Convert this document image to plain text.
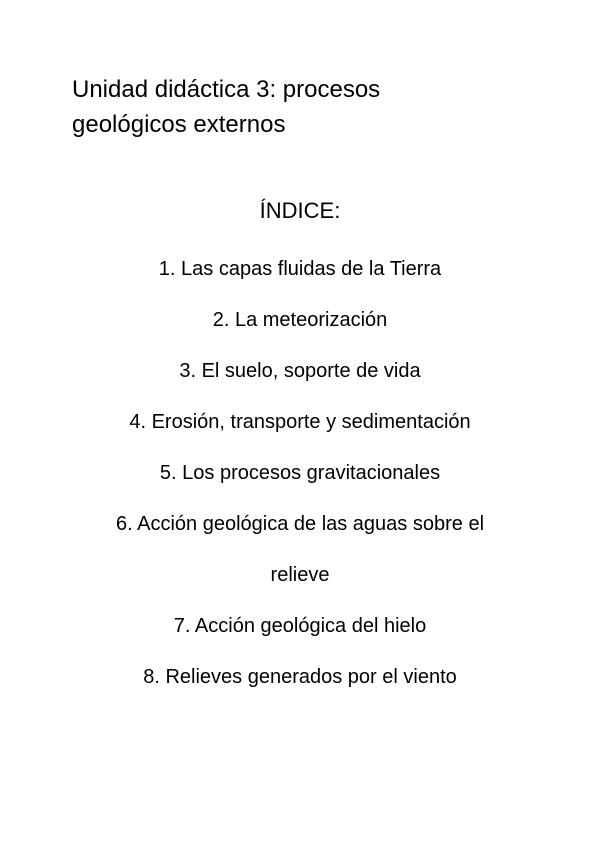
Unidad didáctica 3: procesos geológicos externos
ÍNDICE:
1. Las capas fluidas de la Tierra
2. La meteorización
3. El suelo, soporte de vida
4. Erosión, transporte y sedimentación
5. Los procesos gravitacionales
6. Acción geológica de las aguas sobre el relieve
7. Acción geológica del hielo
8. Relieves generados por el viento
